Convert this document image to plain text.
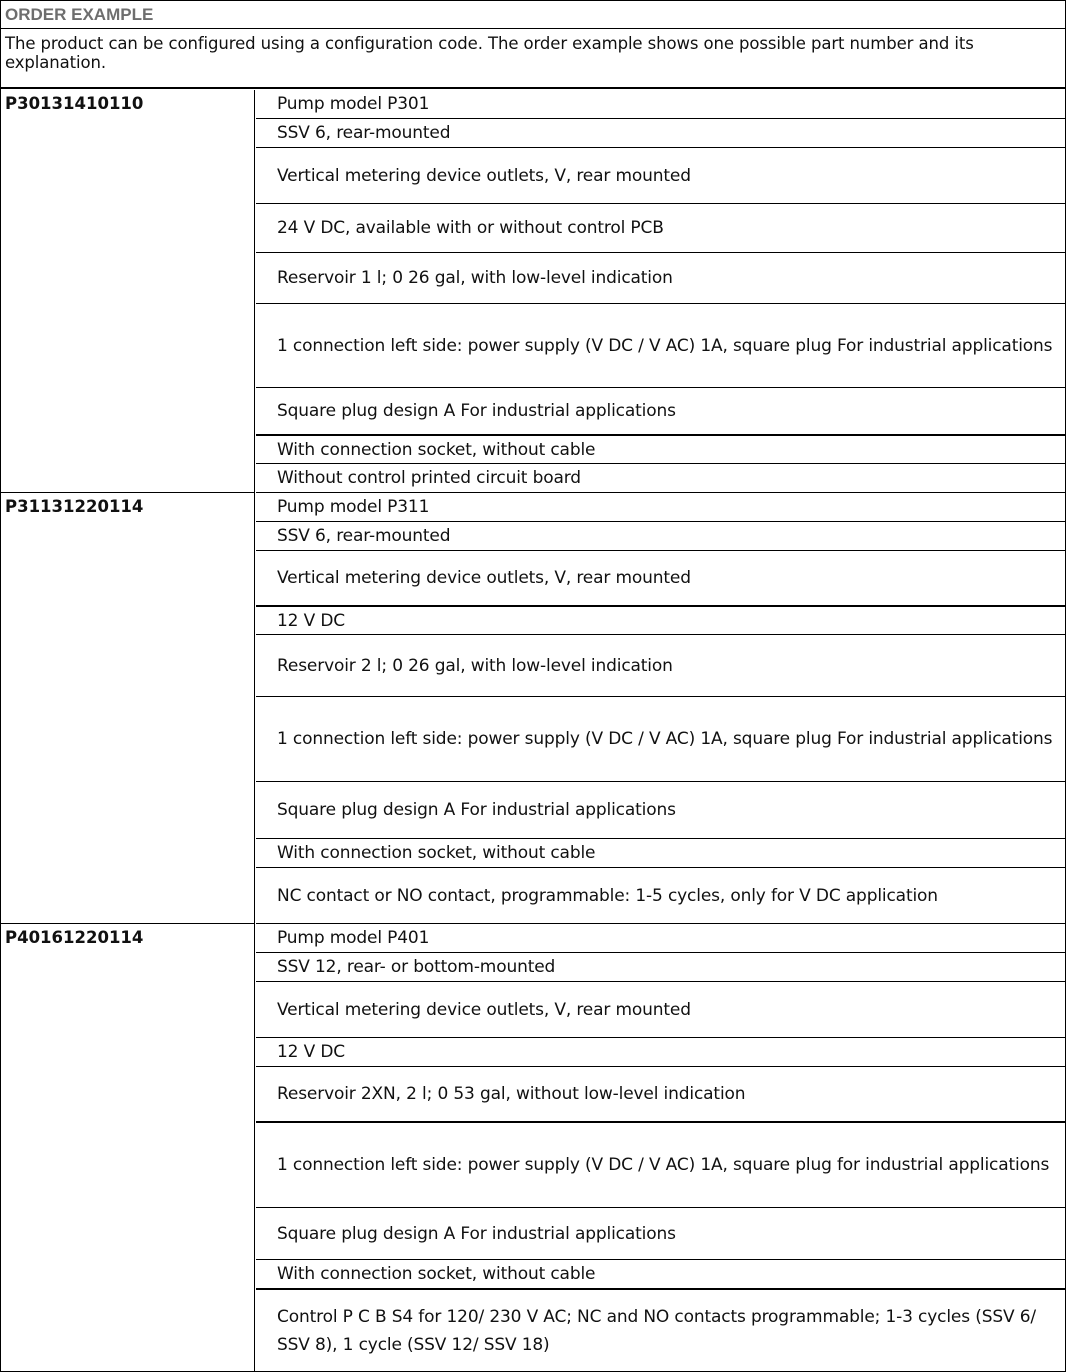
ORDER EXAMPLE
The product can be configured using a configuration code. The order example shows one possible part number and its explanation.
P30131410110	Pump model P301
SSV 6, rear-mounted
Vertical metering device outlets, V, rear mounted
24 V DC, available with or without control PCB
Reservoir 1 l; 0 26 gal, with low-level indication
1 connection left side: power supply (V DC / V AC) 1A, square plug For industrial applications
Square plug design A For industrial applications
With connection socket, without cable
Without control printed circuit board
P31131220114	Pump model P311
SSV 6, rear-mounted
Vertical metering device outlets, V, rear mounted
12 V DC
Reservoir 2 l; 0 26 gal, with low-level indication
1 connection left side: power supply (V DC / V AC) 1A, square plug For industrial applications
Square plug design A For industrial applications
With connection socket, without cable
NC contact or NO contact, programmable: 1-5 cycles, only for V DC application
P40161220114	Pump model P401
SSV 12, rear- or bottom-mounted
Vertical metering device outlets, V, rear mounted
12 V DC
Reservoir 2XN, 2 l; 0 53 gal, without low-level indication
1 connection left side: power supply (V DC / V AC) 1A, square plug for industrial applications
Square plug design A For industrial applications
With connection socket, without cable
Control P C B S4 for 120/ 230 V AC; NC and NO contacts programmable; 1-3 cycles (SSV 6/ SSV 8), 1 cycle (SSV 12/ SSV 18)
